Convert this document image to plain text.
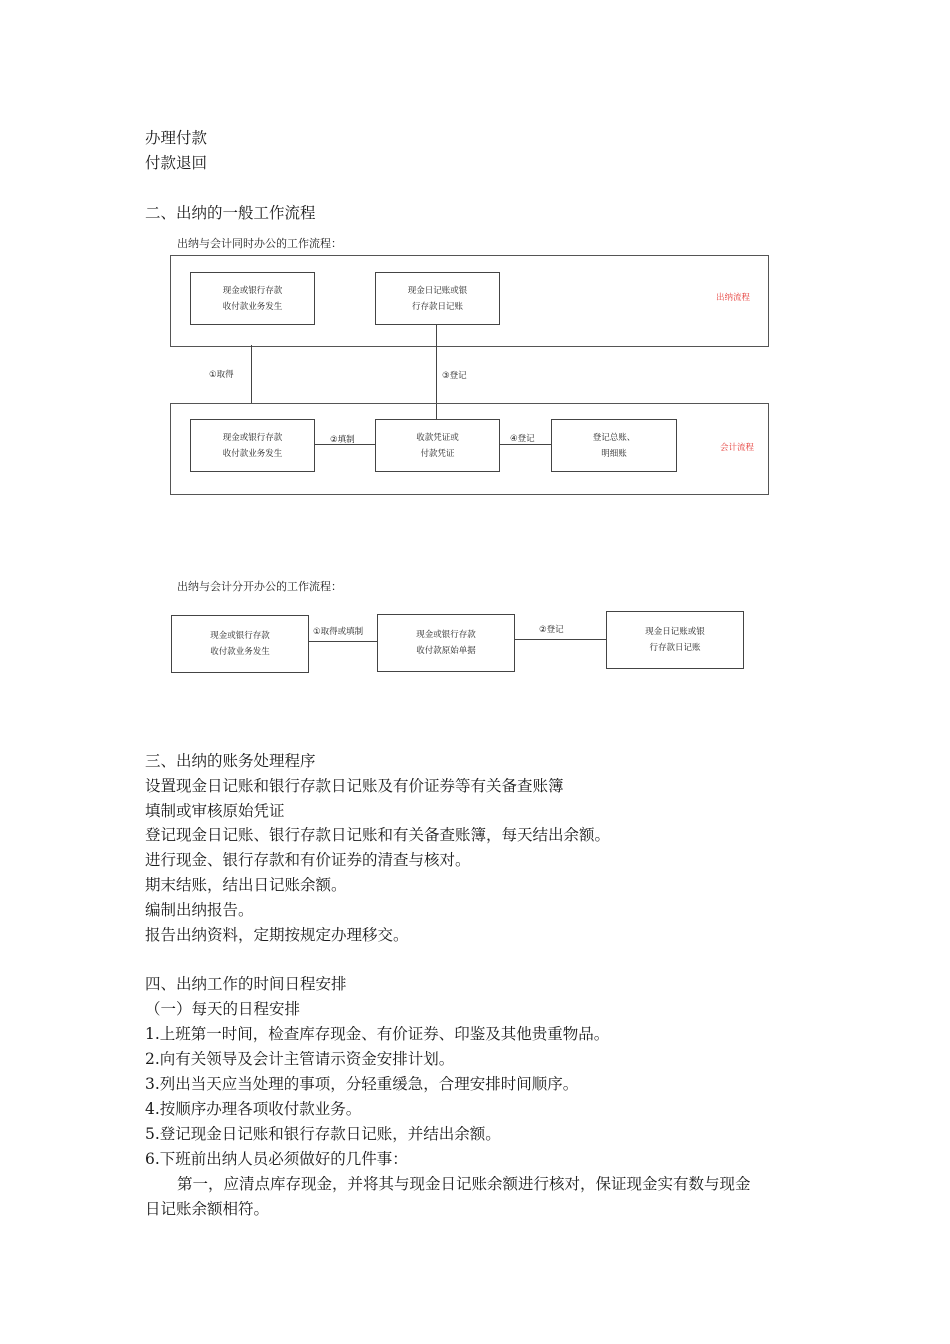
办理付款
付款退回
二、出纳的一般工作流程
出纳与会计同时办公的工作流程：
出纳流程
现金或银行存款
收付款业务发生
现金日记账或银
行存款日记账
①取得	③登记
会计流程
现金或银行存款
收付款业务发生
收款凭证或
付款凭证
登记总账、
明细账
②填制	④登记
出纳与会计分开办公的工作流程：
现金或银行存款
收付款业务发生
现金或银行存款
收付款原始单据
现金日记账或银
行存款日记账
①取得或填制	②登记
三、出纳的账务处理程序
设置现金日记账和银行存款日记账及有价证券等有关备查账簿
填制或审核原始凭证
登记现金日记账、银行存款日记账和有关备查账簿，每天结出余额。
进行现金、银行存款和有价证券的清查与核对。
期末结账，结出日记账余额。
编制出纳报告。
报告出纳资料，定期按规定办理移交。
四、出纳工作的时间日程安排
（一）每天的日程安排
1.上班第一时间，检查库存现金、有价证券、印鉴及其他贵重物品。
2.向有关领导及会计主管请示资金安排计划。
3.列出当天应当处理的事项，分轻重缓急，合理安排时间顺序。
4.按顺序办理各项收付款业务。
5.登记现金日记账和银行存款日记账，并结出余额。
6.下班前出纳人员必须做好的几件事：
第一，应清点库存现金，并将其与现金日记账余额进行核对，保证现金实有数与现金
日记账余额相符。
